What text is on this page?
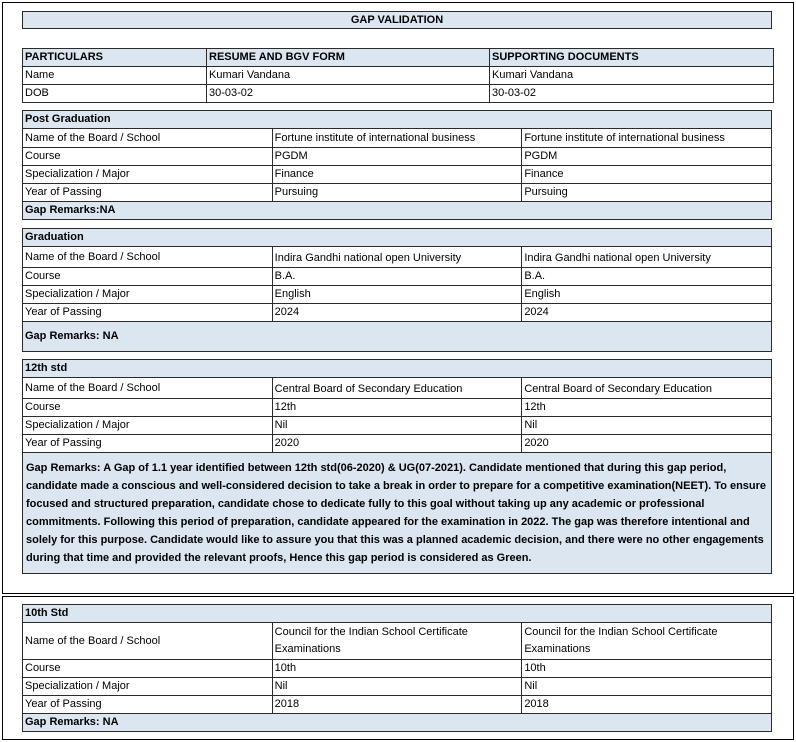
GAP VALIDATION
PARTICULARS	RESUME AND BGV FORM	SUPPORTING DOCUMENTS
Name	Kumari Vandana	Kumari Vandana
DOB	30-03-02	30-03-02
Post Graduation		
Name of the Board / School	Fortune institute of international business	Fortune institute of international business
Course	PGDM	PGDM
Specialization / Major	Finance	Finance
Year of Passing	Pursuing	Pursuing
Gap Remarks:NA		
Graduation		
Name of the Board / School	Indira Gandhi national open University	Indira Gandhi national open University
Course	B.A.	B.A.
Specialization / Major	English	English
Year of Passing	2024	2024
Gap Remarks: NA		
12th std		
Name of the Board / School	Central Board of Secondary Education	Central Board of Secondary Education
Course	12th	12th
Specialization / Major	Nil	Nil
Year of Passing	2020	2020
Gap Remarks: A Gap of 1.1 year identified between 12th std(06-2020) & UG(07-2021). Candidate mentioned that during this gap period, candidate made a conscious and well-considered decision to take a break in order to prepare for a competitive examination(NEET). To ensure focused and structured preparation, candidate chose to dedicate fully to this goal without taking up any academic or professional commitments. Following this period of preparation, candidate appeared for the examination in 2022. The gap was therefore intentional and solely for this purpose. Candidate would like to assure you that this was a planned academic decision, and there were no other engagements during that time and provided the relevant proofs, Hence this gap period is considered as Green.		
10th Std		
Name of the Board / School	Council for the Indian School Certificate Examinations	Council for the Indian School Certificate Examinations
Course	10th	10th
Specialization / Major	Nil	Nil
Year of Passing	2018	2018
Gap Remarks: NA		
